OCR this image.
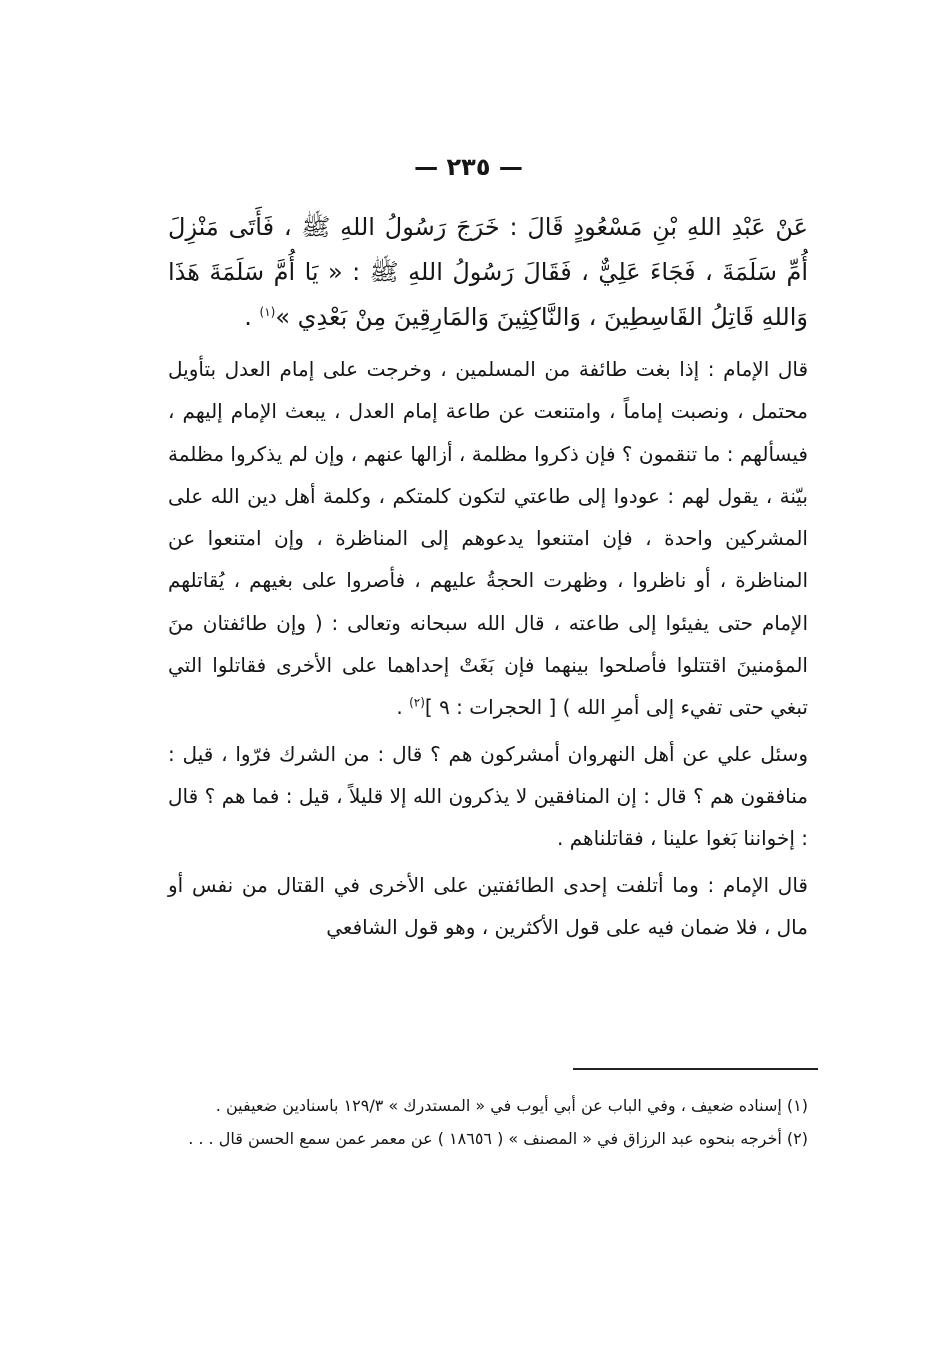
— ٢٣٥ —

عَنْ عَبْدِ اللهِ بْنِ مَسْعُودٍ قَالَ : خَرَجَ رَسُولُ اللهِ ﷺ ، فَأَتَى مَنْزِلَ أُمِّ سَلَمَةَ ، فَجَاءَ عَلِيٌّ ، فَقَالَ رَسُولُ اللهِ ﷺ : « يَا أُمَّ سَلَمَةَ هَذَا وَاللهِ قَاتِلُ القَاسِطِينَ ، وَالنَّاكِثِينَ وَالمَارِقِينَ مِنْ بَعْدِي »$^{(١)}$ .

قال الإمام : إذا بغت طائفة من المسلمين ، وخرجت على إمام العدل بتأويل محتمل ، ونصبت إماماً ، وامتنعت عن طاعة إمام العدل ، يبعث الإمام إليهم ، فيسألهم : ما تنقمون ؟ فإن ذكروا مظلمة ، أزالها عنهم ، وإن لم يذكروا مظلمة بيّنة ، يقول لهم : عودوا إلى طاعتي لتكون كلمتكم ، وكلمة أهل دين الله على المشركين واحدة ، فإن امتنعوا يدعوهم إلى المناظرة ، وإن امتنعوا عن المناظرة ، أو ناظروا ، وظهرت الحجةُ عليهم ، فأصروا على بغيهم ، يُقاتلهم الإمام حتى يفيئوا إلى طاعته ، قال الله سبحانه وتعالى : ( وإن طائفتان منَ المؤمنينَ اقتتلوا فأصلحوا بينهما فإن بَغَتْ إحداهما على الأخرى فقاتلوا التي تبغي حتى تفيء إلى أمرِ الله ) [ الحجرات : ٩ ]$^{(٢)}$ .

وسئل علي عن أهل النهروان أمشركون هم ؟ قال : من الشرك فرّوا ، قيل : منافقون هم ؟ قال : إن المنافقين لا يذكرون الله إلا قليلاً ، قيل : فما هم ؟ قال : إخواننا بَغوا علينا ، فقاتلناهم .

قال الإمام : وما أتلفت إحدى الطائفتين على الأخرى في القتال من نفس أو مال ، فلا ضمان فيه على قول الأكثرين ، وهو قول الشافعي

(١) إسناده ضعيف ، وفي الباب عن أبي أيوب في « المستدرك » ١٢٩/٣ باسنادين ضعيفين .

(٢) أخرجه بنحوه عبد الرزاق في « المصنف » ( ١٨٦٥٦ ) عن معمر عمن سمع الحسن قال . . .
